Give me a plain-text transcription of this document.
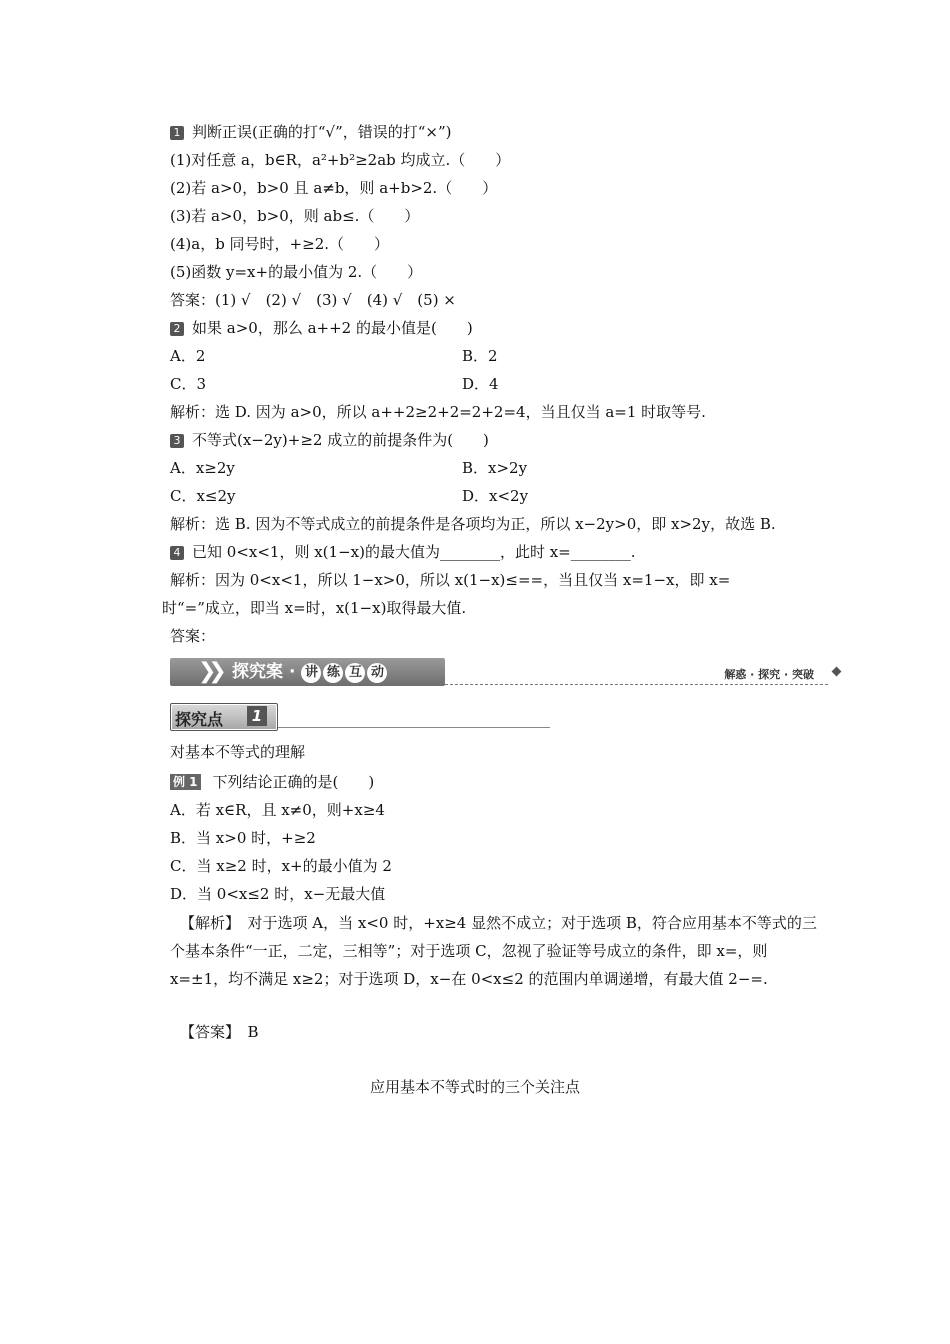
1 判断正误(正确的打“√”，错误的打“×”)
(1)对任意 a，b∈R，a²+b²≥2ab 均成立.（　　）
(2)若 a>0，b>0 且 a≠b，则 a+b>2.（　　）
(3)若 a>0，b>0，则 ab≤.（　　）
(4)a，b 同号时，+≥2.（　　）
(5)函数 y=x+的最小值为 2.（　　）
答案：(1) √　(2) √　(3) √　(4) √　(5) ×
2 如果 a>0，那么 a++2 的最小值是(　　)
A．2	B．2
C．3	D．4
解析：选 D. 因为 a>0，所以 a++2≥2+2=2+2=4，当且仅当 a=1 时取等号.
3 不等式(x−2y)+≥2 成立的前提条件为(　　)
A．x≥2y	B．x>2y
C．x≤2y	D．x<2y
解析：选 B. 因为不等式成立的前提条件是各项均为正，所以 x−2y>0，即 x>2y，故选 B.
4 已知 0<x<1，则 x(1−x)的最大值为________，此时 x=________.
解析：因为 0<x<1，所以 1−x>0，所以 x(1−x)≤==，当且仅当 x=1−x，即 x=
时“=”成立，即当 x=时，x(1−x)取得最大值.
答案：
❯❯ 探究案 · 讲 练 互 动	解惑 · 探究 · 突破
探究点	1
对基本不等式的理解
例 1 下列结论正确的是(　　)
A．若 x∈R，且 x≠0，则+x≥4
B．当 x>0 时，+≥2
C．当 x≥2 时，x+的最小值为 2
D．当 0<x≤2 时，x−无最大值
【解析】　对于选项 A，当 x<0 时，+x≥4 显然不成立；对于选项 B，符合应用基本不等式的三个基本条件“一正，二定，三相等”；对于选项 C，忽视了验证等号成立的条件，即 x=，则 x=±1，均不满足 x≥2；对于选项 D，x−在 0<x≤2 的范围内单调递增，有最大值 2−=.
【答案】　B
应用基本不等式时的三个关注点
